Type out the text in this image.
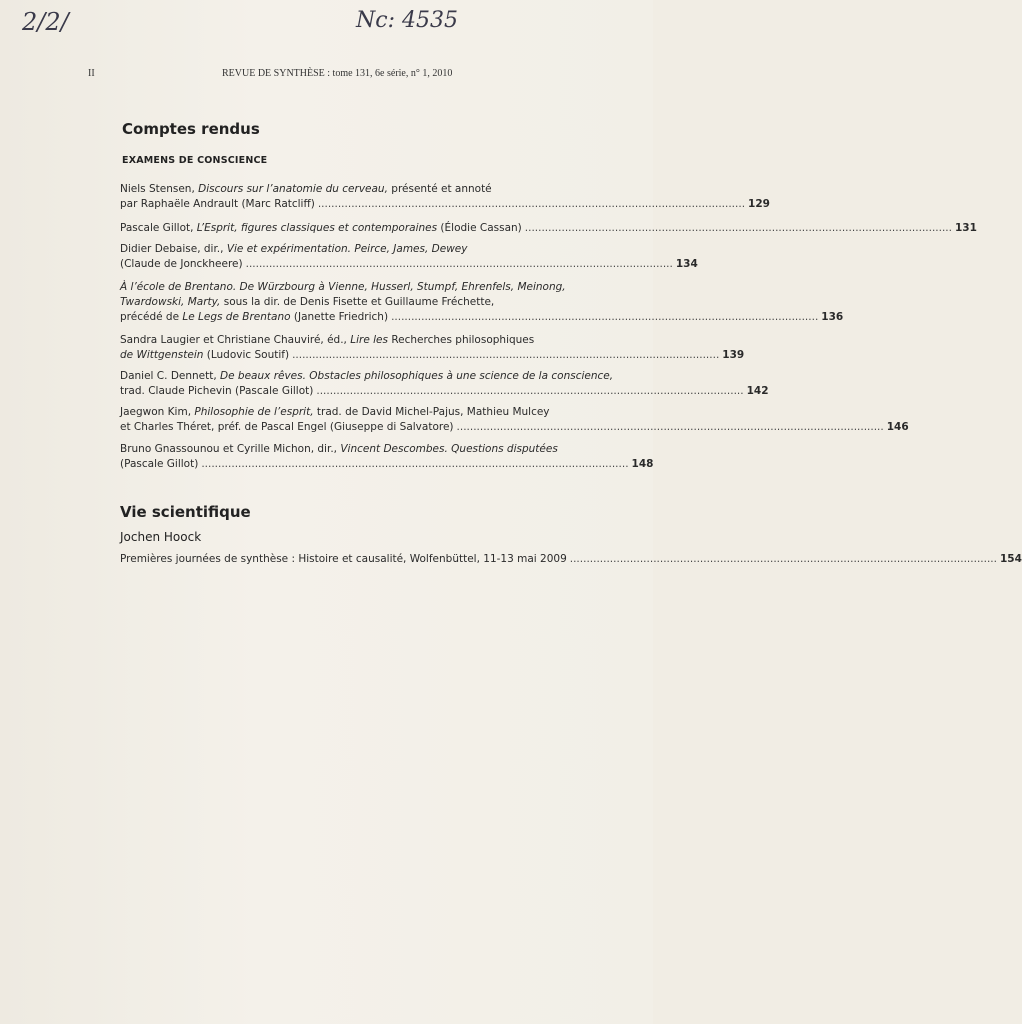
2/2/	Nc: 4535
II	REVUE DE SYNTHÈSE : tome 131, 6e série, n° 1, 2010
Comptes rendus
EXAMENS DE CONSCIENCE
Niels Stensen, Discours sur l’anatomie du cerveau, présenté et annoté
par Raphaële Andrault (Marc Ratcliff) ................................................................................................................................ 129
Pascale Gillot, L’Esprit, figures classiques et contemporaines (Élodie Cassan) ................................................................................................................................ 131
Didier Debaise, dir., Vie et expérimentation. Peirce, James, Dewey
(Claude de Jonckheere) ................................................................................................................................ 134
À l’école de Brentano. De Würzbourg à Vienne, Husserl, Stumpf, Ehrenfels, Meinong,
Twardowski, Marty, sous la dir. de Denis Fisette et Guillaume Fréchette,
précédé de Le Legs de Brentano (Janette Friedrich) ................................................................................................................................ 136
Sandra Laugier et Christiane Chauviré, éd., Lire les Recherches philosophiques
de Wittgenstein (Ludovic Soutif) ................................................................................................................................ 139
Daniel C. Dennett, De beaux rêves. Obstacles philosophiques à une science de la conscience,
trad. Claude Pichevin (Pascale Gillot) ................................................................................................................................ 142
Jaegwon Kim, Philosophie de l’esprit, trad. de David Michel-Pajus, Mathieu Mulcey
et Charles Théret, préf. de Pascal Engel (Giuseppe di Salvatore) ................................................................................................................................ 146
Bruno Gnassounou et Cyrille Michon, dir., Vincent Descombes. Questions disputées
(Pascale Gillot) ................................................................................................................................ 148
Vie scientifique
Jochen Hoock
Premières journées de synthèse : Histoire et causalité, Wolfenbüttel, 11-13 mai 2009 ................................................................................................................................ 154
